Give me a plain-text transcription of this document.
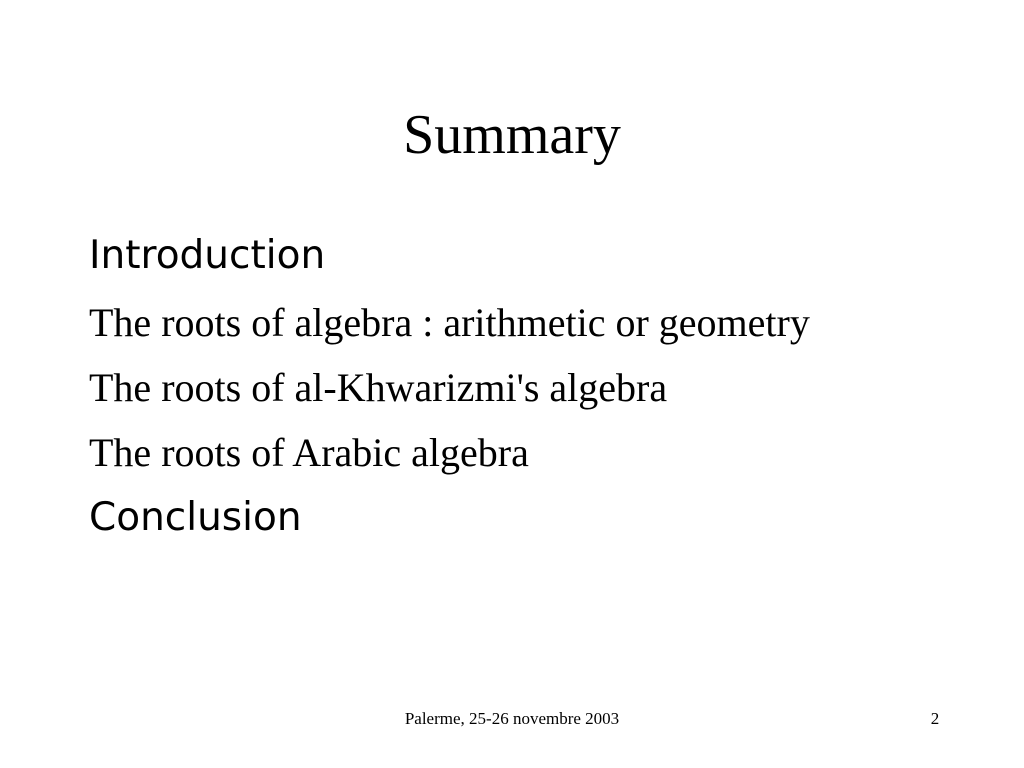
Summary
Introduction
The roots of algebra : arithmetic or geometry
The roots of al-Khwarizmi's algebra
The roots of Arabic algebra
Conclusion
Palerme, 25-26 novembre 2003	2
